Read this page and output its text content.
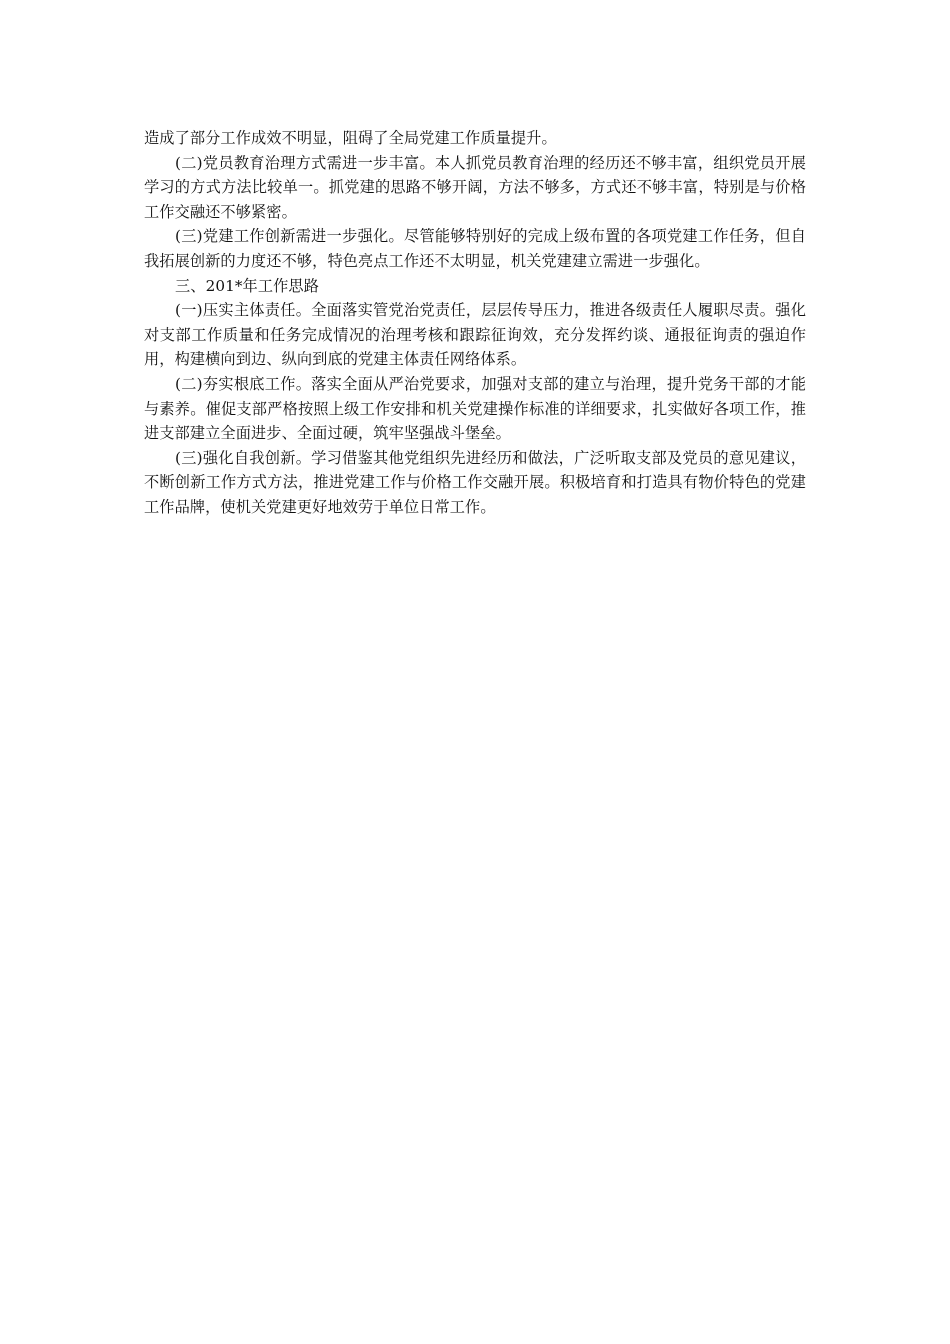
造成了部分工作成效不明显，阻碍了全局党建工作质量提升。

(二)党员教育治理方式需进一步丰富。本人抓党员教育治理的经历还不够丰富，组织党员开展学习的方式方法比较单一。抓党建的思路不够开阔，方法不够多，方式还不够丰富，特别是与价格工作交融还不够紧密。

(三)党建工作创新需进一步强化。尽管能够特别好的完成上级布置的各项党建工作任务，但自我拓展创新的力度还不够，特色亮点工作还不太明显，机关党建建立需进一步强化。

三、201*年工作思路

(一)压实主体责任。全面落实管党治党责任，层层传导压力，推进各级责任人履职尽责。强化对支部工作质量和任务完成情况的治理考核和跟踪征询效，充分发挥约谈、通报征询责的强迫作用，构建横向到边、纵向到底的党建主体责任网络体系。

(二)夯实根底工作。落实全面从严治党要求，加强对支部的建立与治理，提升党务干部的才能与素养。催促支部严格按照上级工作安排和机关党建操作标准的详细要求，扎实做好各项工作，推进支部建立全面进步、全面过硬，筑牢坚强战斗堡垒。

(三)强化自我创新。学习借鉴其他党组织先进经历和做法，广泛听取支部及党员的意见建议，不断创新工作方式方法，推进党建工作与价格工作交融开展。积极培育和打造具有物价特色的党建工作品牌，使机关党建更好地效劳于单位日常工作。
